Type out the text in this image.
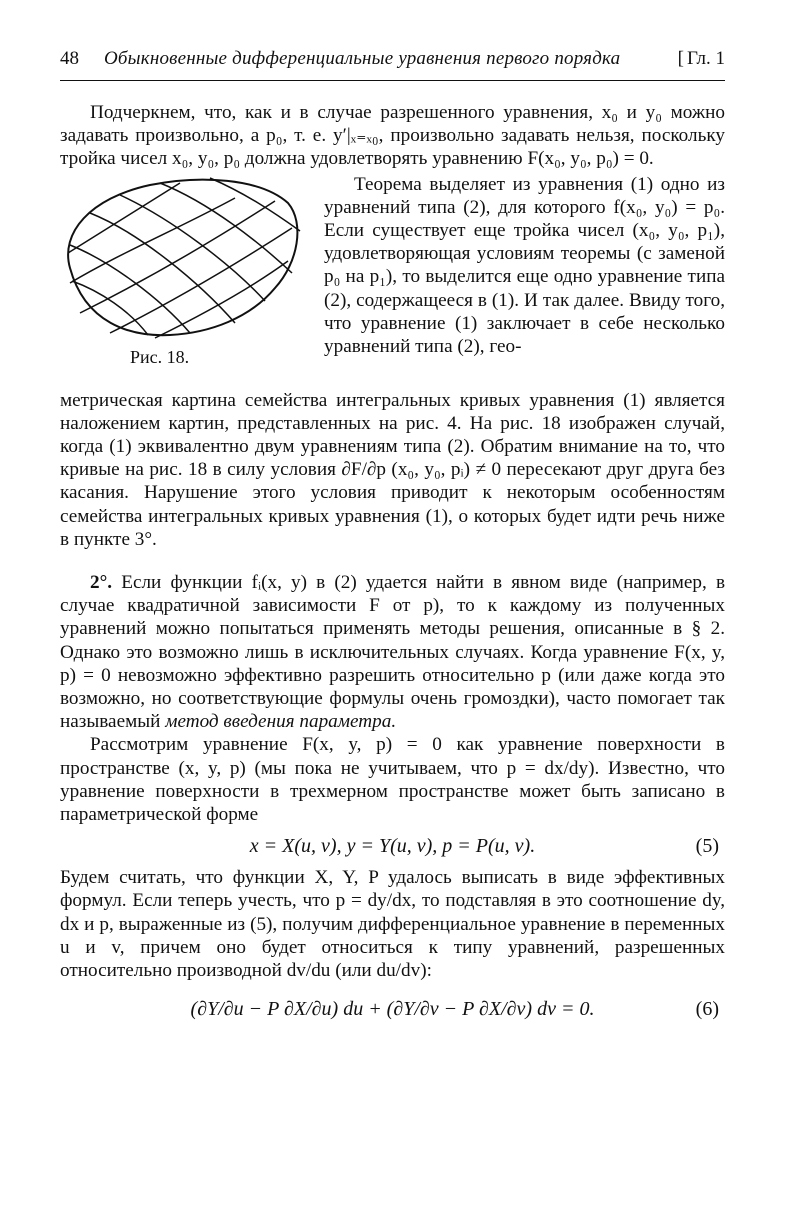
48	Обыкновенные дифференциальные уравнения первого порядка
[	Гл. 1

Подчеркнем, что, как и в случае разрешенного уравнения, x₀ и y₀ можно задавать произвольно, а p₀, т. е. y′|ₓ₌ₓ₀, произвольно задавать нельзя, поскольку тройка чисел x₀, y₀, p₀ должна удовлетворять уравнению F(x₀, y₀, p₀) = 0.

Рис. 18.

Теорема выделяет из уравнения (1) одно из уравнений типа (2), для которого f(x₀, y₀) = p₀. Если существует еще тройка чисел (x₀, y₀, p₁), удовлетворяющая условиям теоремы (с заменой p₀ на p₁), то выделится еще одно уравнение типа (2), содержащееся в (1). И так далее. Ввиду того, что уравнение (1) заключает в себе несколько уравнений типа (2), гео-

метрическая картина семейства интегральных кривых уравнения (1) является наложением картин, представленных на рис. 4. На рис. 18 изображен случай, когда (1) эквивалентно двум уравнениям типа (2). Обратим внимание на то, что кривые на рис. 18 в силу условия ∂F/∂p (x₀, y₀, pᵢ) ≠ 0 пересекают друг друга без касания. Нарушение этого условия приводит к некоторым особенностям семейства интегральных кривых уравнения (1), о которых будет идти речь ниже в пункте 3°.

2°. Если функции fᵢ(x, y) в (2) удается найти в явном виде (например, в случае квадратичной зависимости F от p), то к каждому из полученных уравнений можно попытаться применять методы решения, описанные в § 2. Однако это возможно лишь в исключительных случаях. Когда уравнение F(x, y, p) = 0 невозможно эффективно разрешить относительно p (или даже когда это возможно, но соответствующие формулы очень громоздки), часто помогает так называемый метод введения параметра.

Рассмотрим уравнение F(x, y, p) = 0 как уравнение поверхности в пространстве (x, y, p) (мы пока не учитываем, что p = dx/dy). Известно, что уравнение поверхности в трехмерном пространстве может быть записано в параметрической форме

x = X(u, v), y = Y(u, v), p = P(u, v).	(5)

Будем считать, что функции X, Y, P удалось выписать в виде эффективных формул. Если теперь учесть, что p = dy/dx, то подставляя в это соотношение dy, dx и p, выраженные из (5), получим дифференциальное уравнение в переменных u и v, причем оно будет относиться к типу уравнений, разрешенных относительно производной dv/du (или du/dv):

(∂Y/∂u − P ∂X/∂u) du + (∂Y/∂v − P ∂X/∂v) dv = 0.	(6)
